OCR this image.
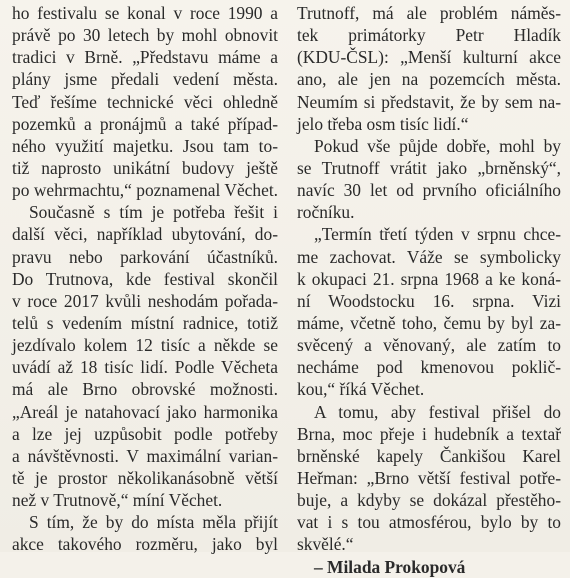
ho festivalu se konal v roce 1990 a
právě po 30 letech by mohl obnovit
tradici v Brně. „Představu máme a
plány jsme předali vedení města.
Teď řešíme technické věci ohledně
pozemků a pronájmů a také případ-
ného využití majetku. Jsou tam to-
tiž naprosto unikátní budovy ještě
po wehrmachtu,“ poznamenal Věchet.
Současně s tím je potřeba řešit i
další věci, například ubytování, do-
pravu nebo parkování účastníků.
Do Trutnova, kde festival skončil
v roce 2017 kvůli neshodám pořada-
telů s vedením místní radnice, totiž
jezdívalo kolem 12 tisíc a někde se
uvádí až 18 tisíc lidí. Podle Věcheta
má ale Brno obrovské možnosti.
„Areál je natahovací jako harmonika
a lze jej uzpůsobit podle potřeby
a návštěvnosti. V maximální varian-
tě je prostor několikanásobně větší
než v Trutnově,“ míní Věchet.
S tím, že by do místa měla přijít
akce takového rozměru, jako byl
Trutnoff, má ale problém náměs-
tek primátorky Petr Hladík
(KDU-ČSL): „Menší kulturní akce
ano, ale jen na pozemcích města.
Neumím si představit, že by sem na-
jelo třeba osm tisíc lidí.“
Pokud vše půjde dobře, mohl by
se Trutnoff vrátit jako „brněnský“,
navíc 30 let od prvního oficiálního
ročníku.
„Termín třetí týden v srpnu chce-
me zachovat. Váže se symbolicky
k okupaci 21. srpna 1968 a ke koná-
ní Woodstocku 16. srpna. Vizi
máme, včetně toho, čemu by byl za-
svěcený a věnovaný, ale zatím to
necháme pod kmenovou poklič-
kou,“ říká Věchet.
A tomu, aby festival přišel do
Brna, moc přeje i hudebník a textař
brněnské kapely Čankišou Karel
Heřman: „Brno větší festival potře-
buje, a kdyby se dokázal přestěho-
vat i s tou atmosférou, bylo by to
skvělé.“
– Milada Prokopová
